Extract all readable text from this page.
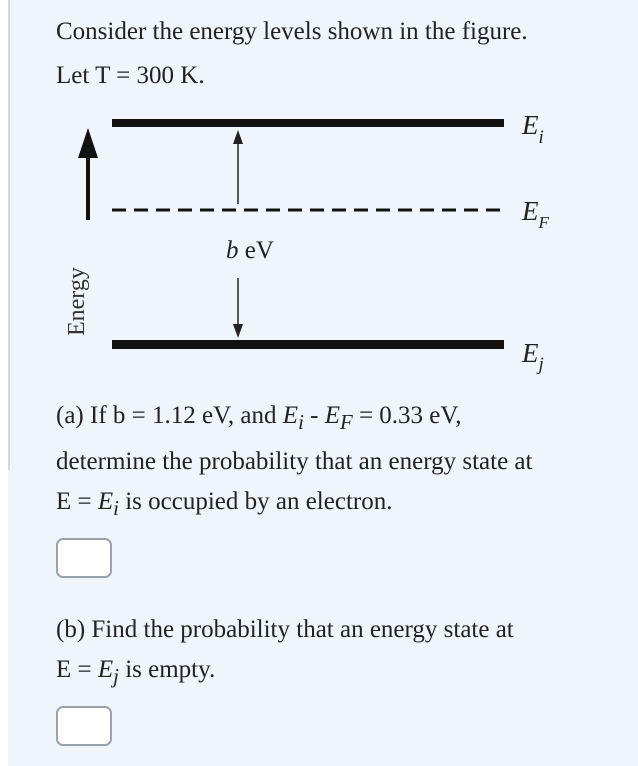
Consider the energy levels shown in the figure.
Let T = 300 K.
Energy
$E_i$
$E_F$
$E_j$
b eV
(a) If b = 1.12 eV, and $E_i - E_F = 0.33$ eV,
determine the probability that an energy state at
$E = E_i$ is occupied by an electron.
(b) Find the probability that an energy state at
$E = E_j$ is empty.
